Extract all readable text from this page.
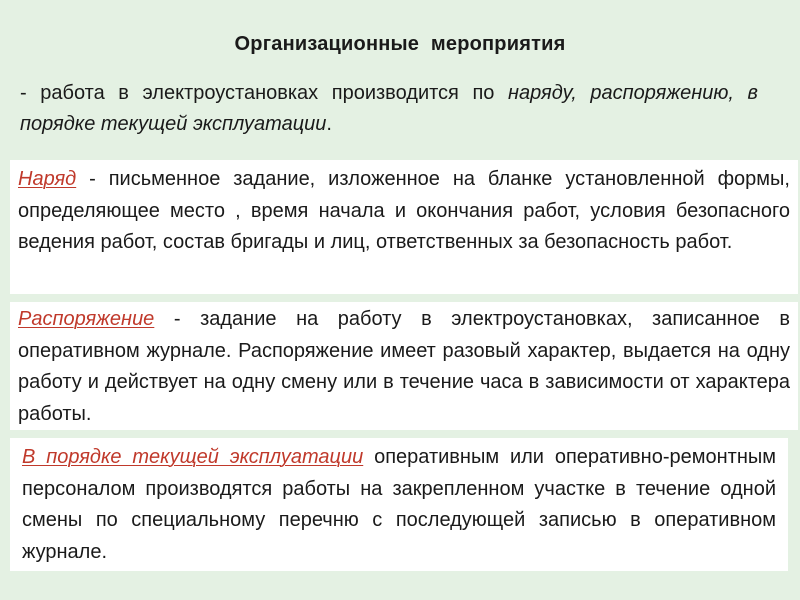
Организационные мероприятия
- работа в электроустановках производится по наряду, распоряжению, в порядке текущей эксплуатации.

Наряд - письменное задание, изложенное на бланке установленной формы, определяющее место , время начала и окончания работ, условия безопасного ведения работ, состав бригады и лиц, ответственных за безопасность работ.

Распоряжение - задание на работу в электроустановках, записанное в оперативном журнале. Распоряжение имеет разовый характер, выдается на одну работу и действует на одну смену или в течение часа в зависимости от характера работы.

В порядке текущей эксплуатации оперативным или оперативно-ремонтным персоналом производятся работы на закрепленном участке в течение одной смены по специальному перечню с последующей записью в оперативном журнале.
